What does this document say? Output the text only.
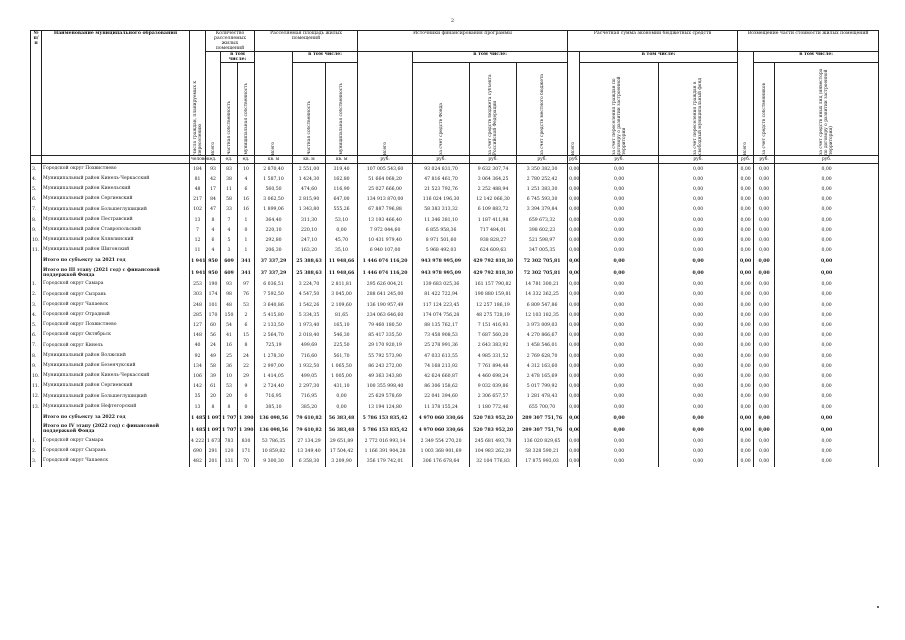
2
№ п/п	Наименование муниципального образования	Число граждан, планируемых к переселению	Количество расселяемых жилых помещений			Расселяемая площадь жилых помещений			Источники финансирования программы				Расчетная сумма экономии бюджетных средств			Возмещение части стоимости жилых помещений		

			Всего	в том числе:		Всего	в том числе:		Всего	в том числе:			Всего	в том числе:		Всего	в том числе:	

				частная собственность	муниципальная собственность		частная собственность	муниципальная собственность		за счет средств Фонда	за счет средств бюджета субъекта Российской Федерации	за счет средств местного бюджета		за счет переселения граждан по договору о развитии застроенной территории	за счет переселения граждан в свободный муниципальный фонд		за счет средств собственников	за счет средств иных лиц (инвестора по договору о развитии застроенной территории)

		человек	ед.	ед.	ед.	кв. м	кв. м	кв. м	руб.	руб.	руб.	руб.	руб.	руб.	руб.	руб.	руб.	руб.
3.	Городской округ Похвистнево	184	93	83	10	2 870,40	2 551,00	319,40	107 005 543,60	93 024 831,70	9 632 307,74	3 350 382,30	0,00	0,00	0,00	0,00	0,00	0,00
4.	Муниципальный район Кинель-Черкасский	81	42	38	4	1 587,10	1 424,30	162,80	51 664 068,20	47 816 461,70	3 064 364,25	2 780 252,42	0,00	0,00	0,00	0,00	0,00	0,00
5.	Муниципальный район Кинельский	48	17	11	6	560,50	474,60	116,90	25 027 666,00	21 523 792,76	2 252 488,94	1 251 383,30	0,00	0,00	0,00	0,00	0,00	0,00
6.	Муниципальный район Сергиевский	217	84	58	16	3 062,50	2 815,90	647,00	134 913 870,00	116 024 196,30	12 142 066,30	6 745 593,30	0,00	0,00	0,00	0,00	0,00	0,00
7.	Муниципальный район Большеглушицкий	102	47	33	16	1 899,06	1 343,80	555,26	67 887 796,88	58 383 313,32	6 109 883,72	3 394 379,84	0,00	0,00	0,00	0,00	0,00	0,00
8.	Муниципальный район Пестравский	13	8	7	1	364,40	311,30	53,10	13 193 466,40	11 346 381,10	1 187 411,98	659 673,32	0,00	0,00	0,00	0,00	0,00	0,00
9.	Муниципальный район Ставропольский	7	4	4	0	220,10	220,10	0,00	7 972 044,60	6 855 958,36	717 484,01	398 602,23	0,00	0,00	0,00	0,00	0,00	0,00
10.	Муниципальный район Клявлинский	12	6	5	1	292,80	247,10	45,70	10 431 979,40	8 971 501,60	938 828,27	521 598,97	0,00	0,00	0,00	0,00	0,00	0,00
11.	Муниципальный район Шигонский	11	4	3	1	206,30	163,20	35,10	6 940 107,00	5 968 492,03	624 609,63	347 005,35	0,00	0,00	0,00	0,00	0,00	0,00
	Итого по субъекту за 2021 год	1 941	950	609	341	37 337,29	25 388,63	11 948,66	1 446 074 116,20	943 978 995,09	429 792 818,30	72 302 705,81	0,00	0,00	0,00	0,00	0,00	0,00
	Итого по III этапу (2021 год) с финансовой поддержкой Фонда	1 941	950	609	341	37 337,29	25 388,63	11 948,66	1 446 074 116,20	943 978 995,09	429 792 818,30	72 302 705,81	0,00	0,00	0,00	0,00	0,00	0,00
1.	Городской округ Самара	253	190	93	97	6 036,51	3 224,70	2 811,81	295 626 004,21	139 683 025,36	161 157 790,82	14 781 300,21	0,00	0,00	0,00	0,00	0,00	0,00
2.	Городской округ Сызрань	303	174	98	76	7 592,50	4 547,50	3 045,00	288 641 245,00	81 422 722,94	190 880 159,81	14 332 362,25	0,00	0,00	0,00	0,00	0,00	0,00
3.	Городской округ Чапаевск	248	101	48	53	3 640,86	1 542,26	2 109,60	136 190 957,49	117 124 223,45	12 257 186,19	6 809 547,86	0,00	0,00	0,00	0,00	0,00	0,00
4.	Городской округ Отрадный	285	170	150	2	5 415,80	5 334,35	81,65	234 063 646,60	174 074 756,28	48 275 728,19	12 103 182,35	0,00	0,00	0,00	0,00	0,00	0,00
5.	Городской округ Похвистнево	127	60	54	6	2 133,50	1 973,40	165,10	79 460 180,50	88 135 762,17	7 151 416,93	3 973 009,03	0,00	0,00	0,00	0,00	0,00	0,00
6.	Городской округ Октябрьск	148	56	41	15	2 564,70	2 018,40	546,30	85 417 335,50	73 458 908,53	7 687 560,20	4 270 866,67	0,00	0,00	0,00	0,00	0,00	0,00
7.	Городской округ Кинель	40	24	16	8	725,19	499,69	225,50	29 170 920,19	25 278 991,36	2 643 383,92	1 458 546,01	0,00	0,00	0,00	0,00	0,00	0,00
8.	Муниципальный район Волжский	92	49	25	24	1 278,30	716,60	561,70	55 792 573,90	47 033 613,55	4 985 331,52	2 769 628,70	0,00	0,00	0,00	0,00	0,00	0,00
9.	Муниципальный район Безенчукский	134	58	36	22	2 997,00	1 932,50	1 065,50	86 243 272,00	74 168 213,92	7 761 894,48	4 312 163,60	0,00	0,00	0,00	0,00	0,00	0,00
10.	Муниципальный район Кинель-Черкасский	106	39	10	29	1 414,05	499,05	1 005,00	49 363 343,80	42 624 660,87	4 460 698,24	2 478 165,69	0,00	0,00	0,00	0,00	0,00	0,00
11.	Муниципальный район Сергиевский	142	61	53	9	2 724,40	2 297,30	431,10	100 355 998,40	86 306 158,62	9 032 039,86	5 017 799,92	0,00	0,00	0,00	0,00	0,00	0,00
12.	Муниципальный район Большеглушицкий	35	20	20	0	716,95	716,95	0,00	25 629 578,69	22 041 394,60	2 306 657,57	1 281 478,43	0,00	0,00	0,00	0,00	0,00	0,00
13.	Муниципальный район Нефтегорский	13	8	8	0	385,10	385,20	0,00	13 194 124,80	11 378 155,24	1 180 772,46	655 700,70	0,00	0,00	0,00	0,00	0,00	0,00
	Итого по субъекту за 2022 год	1 485	1 097	1 707	1 390	136 098,56	79 610,82	56 383,48	5 786 153 835,42	4 970 060 330,66	520 783 952,20	289 307 751,76	0,00	0,00	0,00	0,00	0,00	0,00
	Итого по IV этапу (2022 год) с финансовой поддержкой Фонда	1 485	1 097	1 707	1 390	136 098,56	79 610,82	56 383,48	5 786 153 835,42	4 970 060 330,66	520 783 952,20	289 307 751,76	0,00	0,00	0,00	0,00	0,00	0,00
1.	Городской округ Самара	4 222	1 673	783	830	53 786,35	27 134,29	29 651,89	2 772 016 993,14	2 349 554 270,20	245 681 493,78	136 020 829,65	0,00	0,00	0,00	0,00	0,00	0,00
2.	Городской округ Сызрань	690	291	120	171	10 859,82	13 349,40	17 504,42	1 166 391 904,28	1 003 368 901,69	104 983 262,39	58 328 590,21	0,00	0,00	0,00	0,00	0,00	0,00
3.	Городской округ Чапаевск	482	201	131	70	9 300,30	6 358,30	3 209,90	356 179 742,01	306 176 678,64	32 104 776,83	17 875 993,03	0,00	0,00	0,00	0,00	0,00	0,00
